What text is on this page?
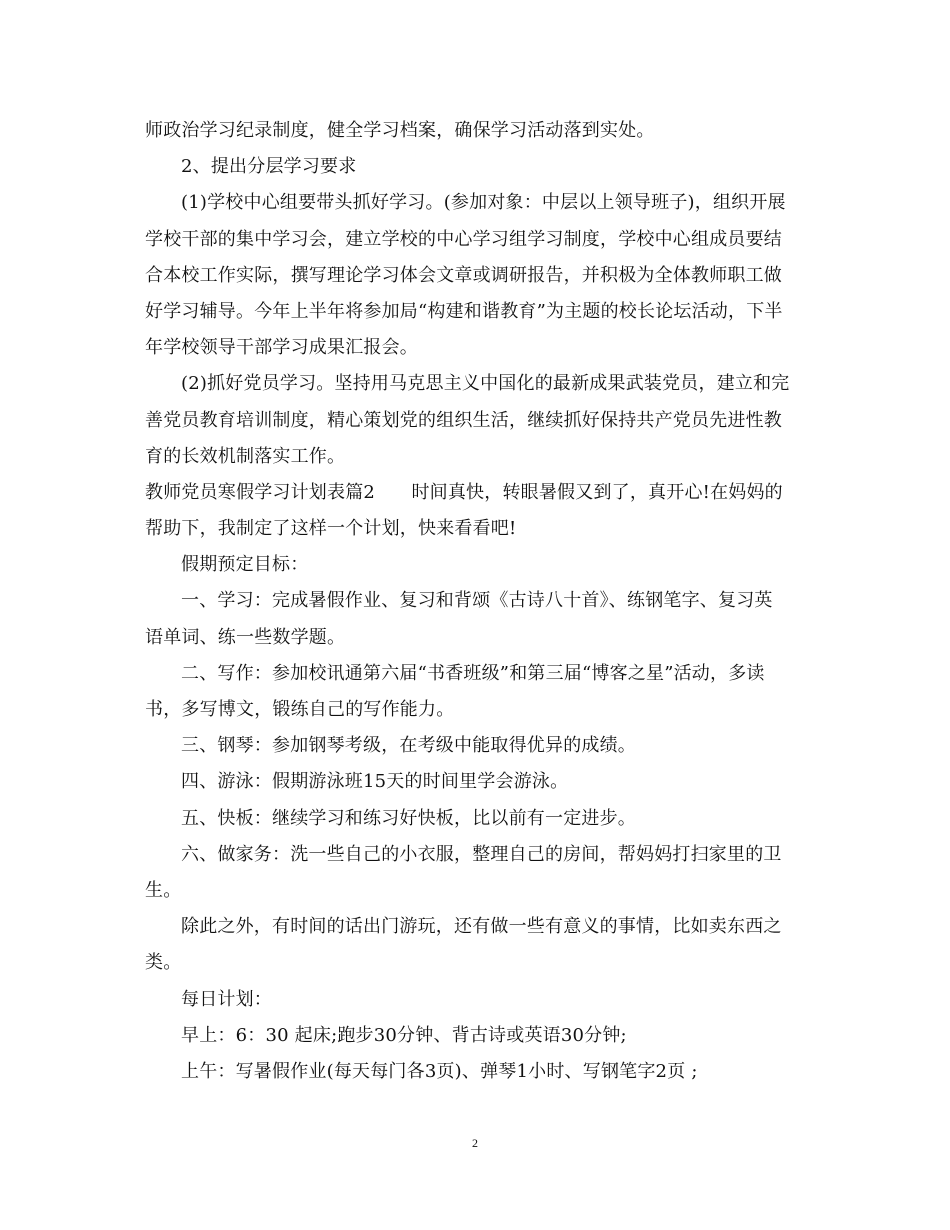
师政治学习纪录制度，健全学习档案，确保学习活动落到实处。
2、提出分层学习要求
(1)学校中心组要带头抓好学习。(参加对象：中层以上领导班子)，组织开展
学校干部的集中学习会，建立学校的中心学习组学习制度，学校中心组成员要结
合本校工作实际，撰写理论学习体会文章或调研报告，并积极为全体教师职工做
好学习辅导。今年上半年将参加局“构建和谐教育”为主题的校长论坛活动，下半
年学校领导干部学习成果汇报会。
(2)抓好党员学习。坚持用马克思主义中国化的最新成果武装党员，建立和完
善党员教育培训制度，精心策划党的组织生活，继续抓好保持共产党员先进性教
育的长效机制落实工作。
教师党员寒假学习计划表篇2　　时间真快，转眼暑假又到了，真开心!在妈妈的
帮助下，我制定了这样一个计划，快来看看吧!
假期预定目标：
一、学习：完成暑假作业、复习和背颂《古诗八十首》、练钢笔字、复习英
语单词、练一些数学题。
二、写作：参加校讯通第六届“书香班级”和第三届“博客之星”活动，多读
书，多写博文，锻练自己的写作能力。
三、钢琴：参加钢琴考级，在考级中能取得优异的成绩。
四、游泳：假期游泳班15天的时间里学会游泳。
五、快板：继续学习和练习好快板，比以前有一定进步。
六、做家务：洗一些自己的小衣服，整理自己的房间，帮妈妈打扫家里的卫
生。
除此之外，有时间的话出门游玩，还有做一些有意义的事情，比如卖东西之
类。
每日计划：
早上：6：30 起床;跑步30分钟、背古诗或英语30分钟;
上午：写暑假作业(每天每门各3页)、弹琴1小时、写钢笔字2页 ;
2
